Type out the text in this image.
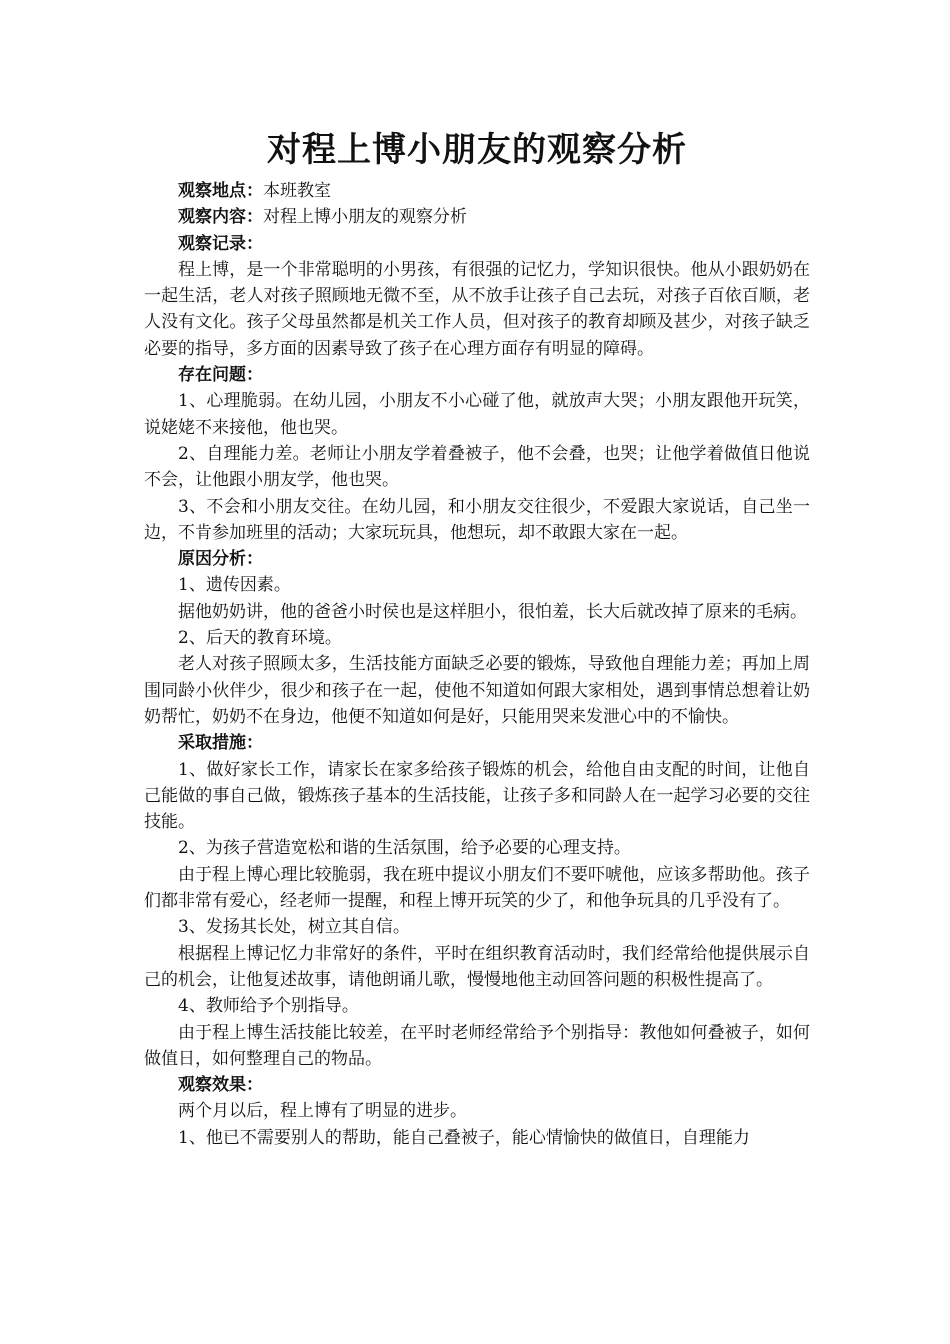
对程上博小朋友的观察分析

观察地点：本班教室

观察内容：对程上博小朋友的观察分析

观察记录：

程上博，是一个非常聪明的小男孩，有很强的记忆力，学知识很快。他从小跟奶奶在一起生活，老人对孩子照顾地无微不至，从不放手让孩子自己去玩，对孩子百依百顺，老人没有文化。孩子父母虽然都是机关工作人员，但对孩子的教育却顾及甚少，对孩子缺乏必要的指导，多方面的因素导致了孩子在心理方面存有明显的障碍。

存在问题：

1、心理脆弱。在幼儿园，小朋友不小心碰了他，就放声大哭；小朋友跟他开玩笑，说姥姥不来接他，他也哭。

2、自理能力差。老师让小朋友学着叠被子，他不会叠，也哭；让他学着做值日他说不会，让他跟小朋友学，他也哭。

3、不会和小朋友交往。在幼儿园，和小朋友交往很少，不爱跟大家说话，自己坐一边，不肯参加班里的活动；大家玩玩具，他想玩，却不敢跟大家在一起。

原因分析：

1、遗传因素。

据他奶奶讲，他的爸爸小时侯也是这样胆小，很怕羞，长大后就改掉了原来的毛病。

2、后天的教育环境。

老人对孩子照顾太多，生活技能方面缺乏必要的锻炼，导致他自理能力差；再加上周围同龄小伙伴少，很少和孩子在一起，使他不知道如何跟大家相处，遇到事情总想着让奶奶帮忙，奶奶不在身边，他便不知道如何是好，只能用哭来发泄心中的不愉快。

采取措施：

1、做好家长工作，请家长在家多给孩子锻炼的机会，给他自由支配的时间，让他自己能做的事自己做，锻炼孩子基本的生活技能，让孩子多和同龄人在一起学习必要的交往技能。

2、为孩子营造宽松和谐的生活氛围，给予必要的心理支持。

由于程上博心理比较脆弱，我在班中提议小朋友们不要吓唬他，应该多帮助他。孩子们都非常有爱心，经老师一提醒，和程上博开玩笑的少了，和他争玩具的几乎没有了。

3、发扬其长处，树立其自信。

根据程上博记忆力非常好的条件，平时在组织教育活动时，我们经常给他提供展示自己的机会，让他复述故事，请他朗诵儿歌，慢慢地他主动回答问题的积极性提高了。

4、教师给予个别指导。

由于程上博生活技能比较差，在平时老师经常给予个别指导：教他如何叠被子，如何做值日，如何整理自己的物品。

观察效果：

两个月以后，程上博有了明显的进步。

1、他已不需要别人的帮助，能自己叠被子，能心情愉快的做值日，自理能力
